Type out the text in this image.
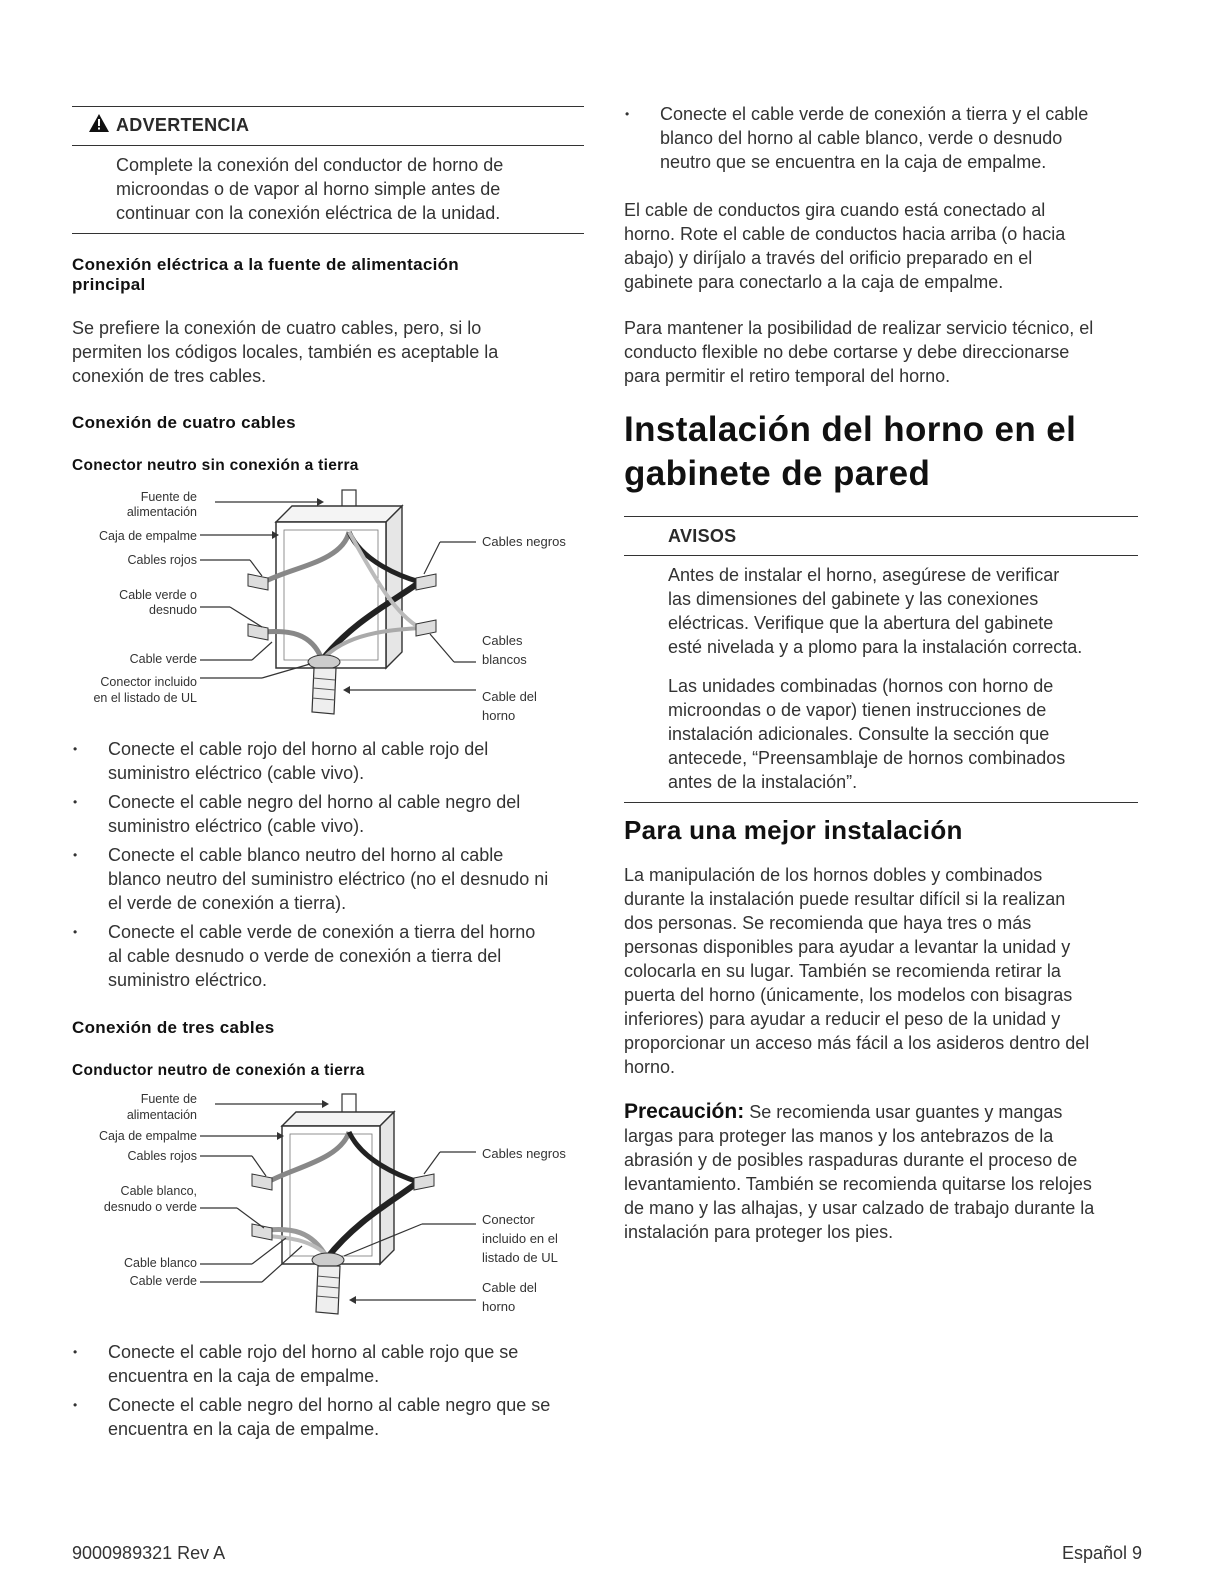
ADVERTENCIA
Complete la conexión del conductor de horno de
microondas o de vapor al horno simple antes de
continuar con la conexión eléctrica de la unidad.
Conexión eléctrica a la fuente de alimentación
principal
Se prefiere la conexión de cuatro cables, pero, si lo
permiten los códigos locales, también es aceptable la
conexión de tres cables.
Conexión de cuatro cables
Conector neutro sin conexión a tierra
Fuente de
alimentación
Caja de empalme
Cables rojos
Cable verde o
desnudo
Cable verde
Conector incluido
en el listado de UL
Cables negros
Cables
blancos
Cable del
horno
• Conecte el cable rojo del horno al cable rojo del
suministro eléctrico (cable vivo).
• Conecte el cable negro del horno al cable negro del
suministro eléctrico (cable vivo).
• Conecte el cable blanco neutro del horno al cable
blanco neutro del suministro eléctrico (no el desnudo ni
el verde de conexión a tierra).
• Conecte el cable verde de conexión a tierra del horno
al cable desnudo o verde de conexión a tierra del
suministro eléctrico.
Conexión de tres cables
Conductor neutro de conexión a tierra
Fuente de
alimentación
Caja de empalme
Cables rojos
Cable blanco,
desnudo o verde
Cable blanco
Cable verde
Cables negros
Conector
incluido en el
listado de UL
Cable del
horno
• Conecte el cable rojo del horno al cable rojo que se
encuentra en la caja de empalme.
• Conecte el cable negro del horno al cable negro que se
encuentra en la caja de empalme.
• Conecte el cable verde de conexión a tierra y el cable
blanco del horno al cable blanco, verde o desnudo
neutro que se encuentra en la caja de empalme.
El cable de conductos gira cuando está conectado al
horno. Rote el cable de conductos hacia arriba (o hacia
abajo) y diríjalo a través del orificio preparado en el
gabinete para conectarlo a la caja de empalme.
Para mantener la posibilidad de realizar servicio técnico, el
conducto flexible no debe cortarse y debe direccionarse
para permitir el retiro temporal del horno.
Instalación del horno en el
gabinete de pared
AVISOS
Antes de instalar el horno, asegúrese de verificar
las dimensiones del gabinete y las conexiones
eléctricas. Verifique que la abertura del gabinete
esté nivelada y a plomo para la instalación correcta.
Las unidades combinadas (hornos con horno de
microondas o de vapor) tienen instrucciones de
instalación adicionales. Consulte la sección que
antecede, “Preensamblaje de hornos combinados
antes de la instalación”.
Para una mejor instalación
La manipulación de los hornos dobles y combinados
durante la instalación puede resultar difícil si la realizan
dos personas. Se recomienda que haya tres o más
personas disponibles para ayudar a levantar la unidad y
colocarla en su lugar. También se recomienda retirar la
puerta del horno (únicamente, los modelos con bisagras
inferiores) para ayudar a reducir el peso de la unidad y
proporcionar un acceso más fácil a los asideros dentro del
horno.
Precaución: Se recomienda usar guantes y mangas
largas para proteger las manos y los antebrazos de la
abrasión y de posibles raspaduras durante el proceso de
levantamiento. También se recomienda quitarse los relojes
de mano y las alhajas, y usar calzado de trabajo durante la
instalación para proteger los pies.
9000989321 Rev A	Español 9
